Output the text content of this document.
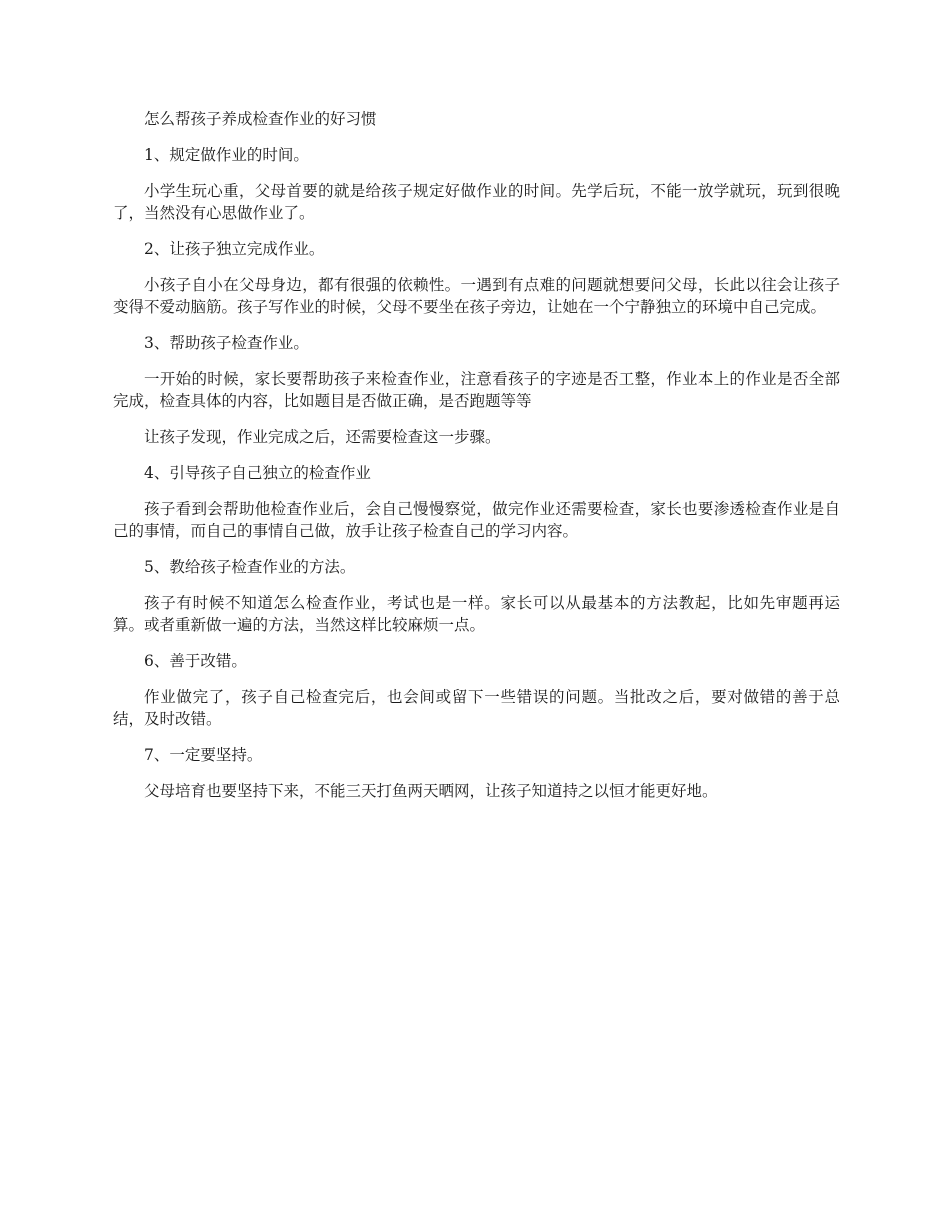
怎么帮孩子养成检查作业的好习惯

1、规定做作业的时间。

小学生玩心重，父母首要的就是给孩子规定好做作业的时间。先学后玩，不能一放学就玩，玩到很晚了，当然没有心思做作业了。

2、让孩子独立完成作业。

小孩子自小在父母身边，都有很强的依赖性。一遇到有点难的问题就想要问父母，长此以往会让孩子变得不爱动脑筋。孩子写作业的时候，父母不要坐在孩子旁边，让她在一个宁静独立的环境中自己完成。

3、帮助孩子检查作业。

一开始的时候，家长要帮助孩子来检查作业，注意看孩子的字迹是否工整，作业本上的作业是否全部完成，检查具体的内容，比如题目是否做正确，是否跑题等等

让孩子发现，作业完成之后，还需要检查这一步骤。

4、引导孩子自己独立的检查作业

孩子看到会帮助他检查作业后，会自己慢慢察觉，做完作业还需要检查，家长也要渗透检查作业是自己的事情，而自己的事情自己做，放手让孩子检查自己的学习内容。

5、教给孩子检查作业的方法。

孩子有时候不知道怎么检查作业，考试也是一样。家长可以从最基本的方法教起，比如先审题再运算。或者重新做一遍的方法，当然这样比较麻烦一点。

6、善于改错。

作业做完了，孩子自己检查完后，也会间或留下一些错误的问题。当批改之后，要对做错的善于总结，及时改错。

7、一定要坚持。

父母培育也要坚持下来，不能三天打鱼两天晒网，让孩子知道持之以恒才能更好地。
